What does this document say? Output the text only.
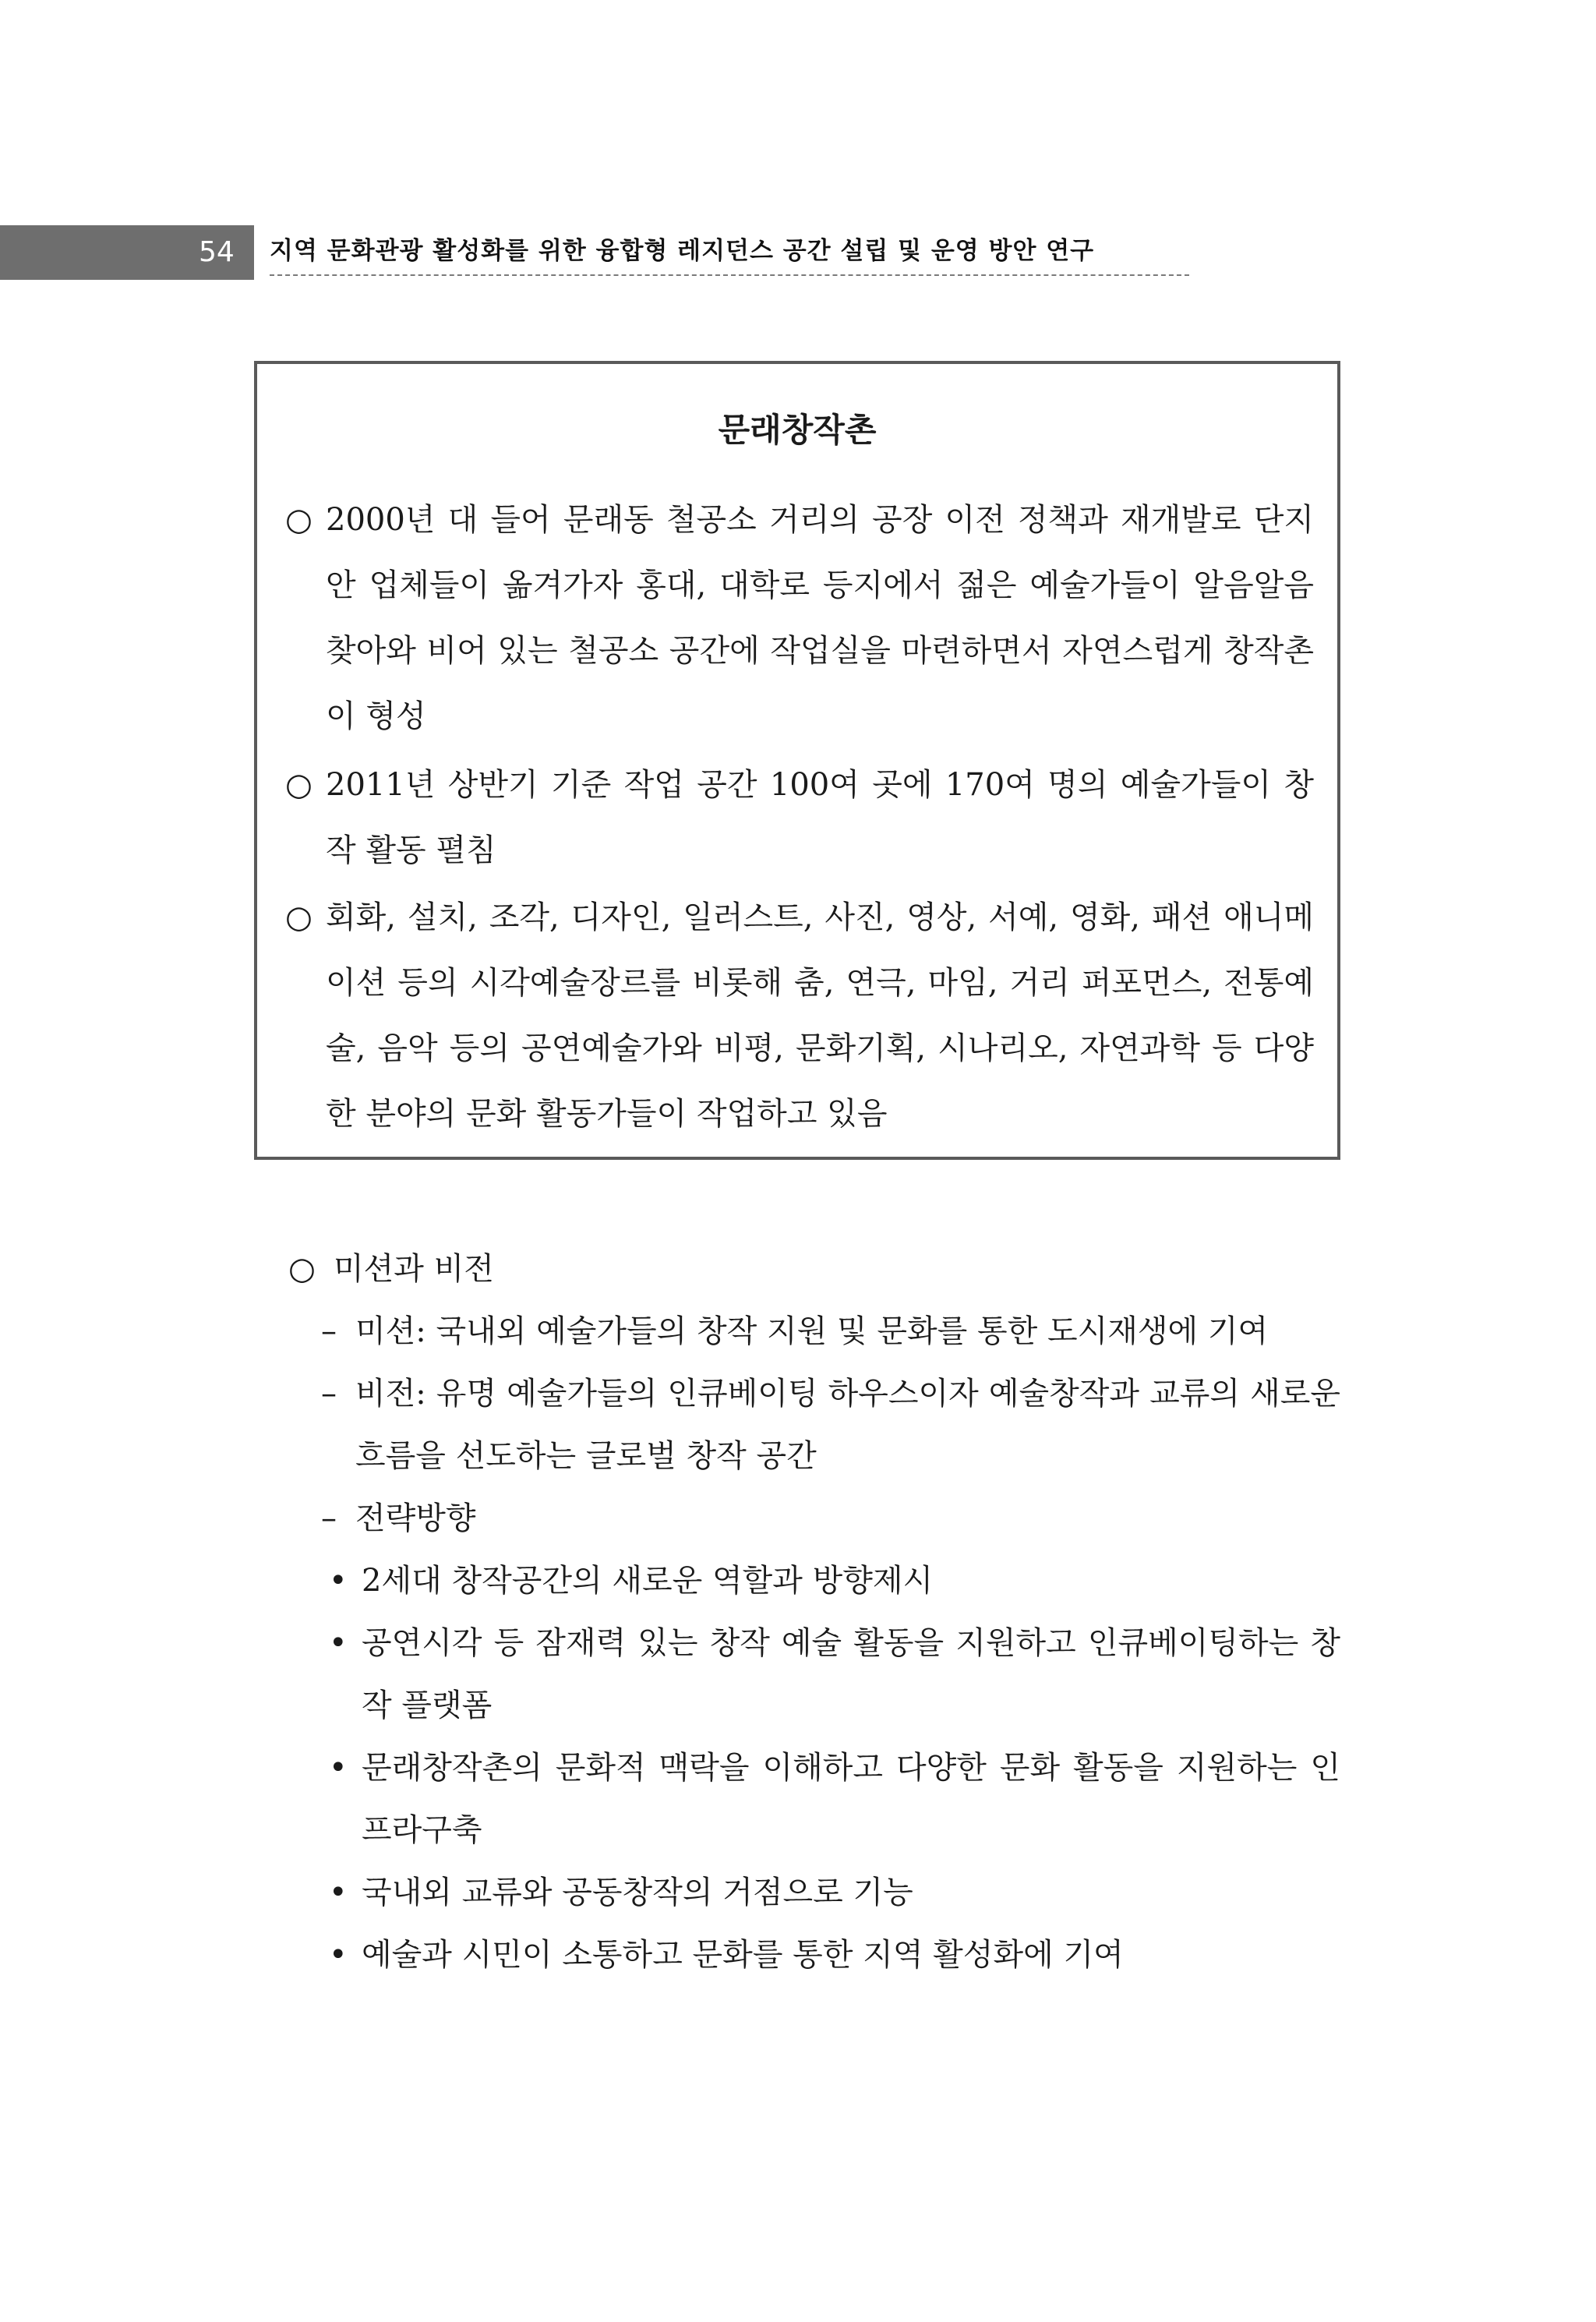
54	지역 문화관광 활성화를 위한 융합형 레지던스 공간 설립 및 운영 방안 연구
문래창작촌
○ 2000년 대 들어 문래동 철공소 거리의 공장 이전 정책과 재개발로 단지 안 업체들이 옮겨가자 홍대, 대학로 등지에서 젊은 예술가들이 알음알음 찾아와 비어 있는 철공소 공간에 작업실을 마련하면서 자연스럽게 창작촌이 형성
○ 2011년 상반기 기준 작업 공간 100여 곳에 170여 명의 예술가들이 창작 활동 펼침
○ 회화, 설치, 조각, 디자인, 일러스트, 사진, 영상, 서예, 영화, 패션 애니메이션 등의 시각예술장르를 비롯해 춤, 연극, 마임, 거리 퍼포먼스, 전통예술, 음악 등의 공연예술가와 비평, 문화기획, 시나리오, 자연과학 등 다양한 분야의 문화 활동가들이 작업하고 있음
○ 미션과 비전
– 미션: 국내외 예술가들의 창작 지원 및 문화를 통한 도시재생에 기여
– 비전: 유명 예술가들의 인큐베이팅 하우스이자 예술창작과 교류의 새로운 흐름을 선도하는 글로벌 창작 공간
– 전략방향
• 2세대 창작공간의 새로운 역할과 방향제시
• 공연시각 등 잠재력 있는 창작 예술 활동을 지원하고 인큐베이팅하는 창작 플랫폼
• 문래창작촌의 문화적 맥락을 이해하고 다양한 문화 활동을 지원하는 인프라구축
• 국내외 교류와 공동창작의 거점으로 기능
• 예술과 시민이 소통하고 문화를 통한 지역 활성화에 기여
